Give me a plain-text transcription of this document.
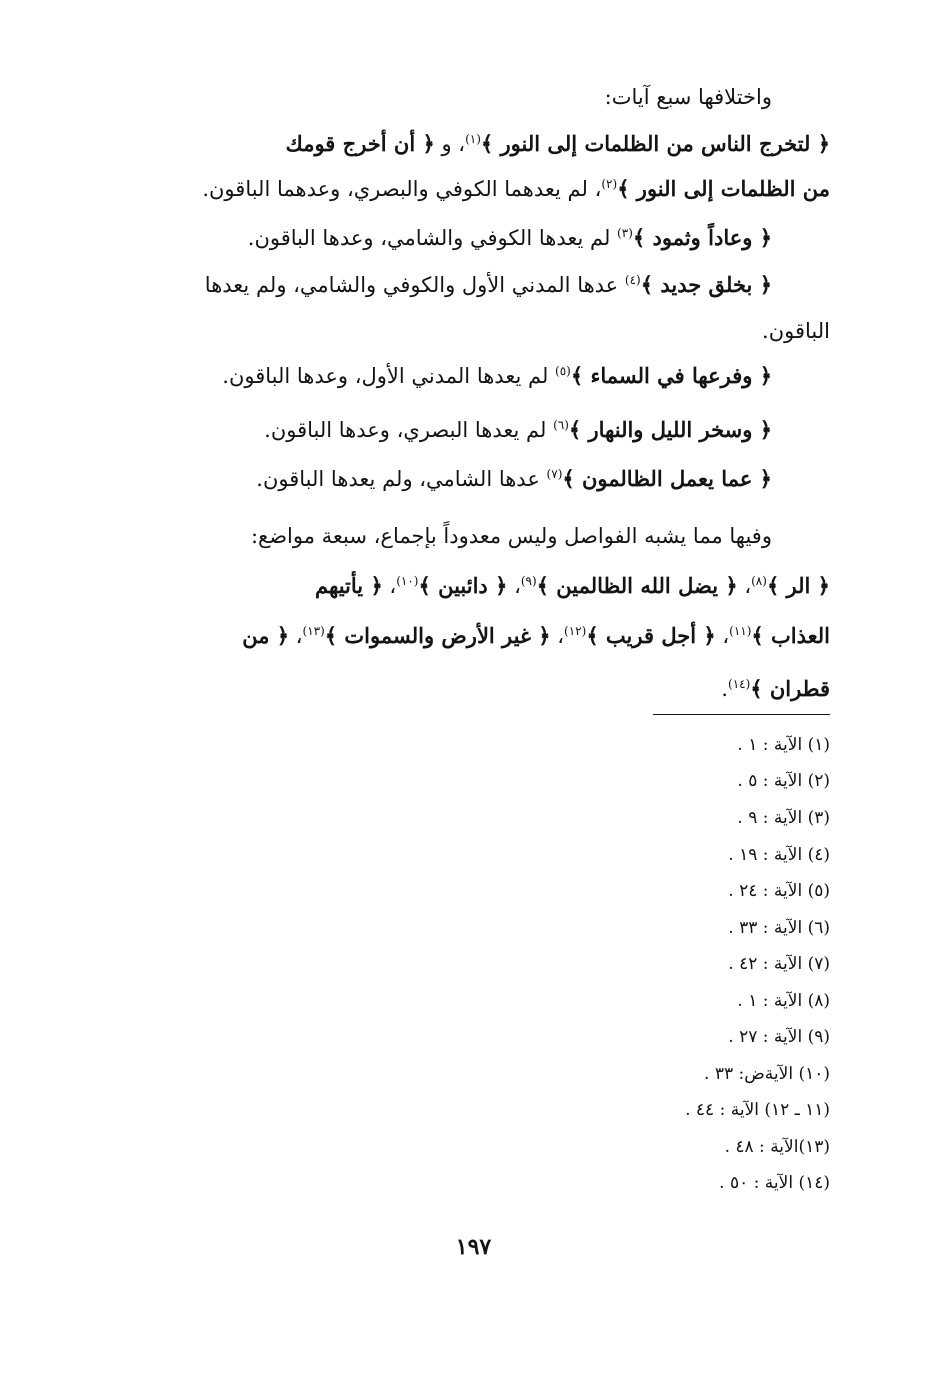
واختلافها سبع آيات:
﴿ لتخرج الناس من الظلمات إلى النور ﴾$^{(١)}$، و ﴿ أن أخرج قومك
من الظلمات إلى النور ﴾$^{(٢)}$، لم يعدهما الكوفي والبصري، وعدهما الباقون.
﴿ وعاداً وثمود ﴾$^{(٣)}$ لم يعدها الكوفي والشامي، وعدها الباقون.
﴿ بخلق جديد ﴾$^{(٤)}$ عدها المدني الأول والكوفي والشامي، ولم يعدها
الباقون.
﴿ وفرعها في السماء ﴾$^{(٥)}$ لم يعدها المدني الأول، وعدها الباقون.
﴿ وسخر الليل والنهار ﴾$^{(٦)}$ لم يعدها البصري، وعدها الباقون.
﴿ عما يعمل الظالمون ﴾$^{(٧)}$ عدها الشامي، ولم يعدها الباقون.
وفيها مما يشبه الفواصل وليس معدوداً بإجماع، سبعة مواضع:
﴿ الر ﴾$^{(٨)}$، ﴿ يضل الله الظالمين ﴾$^{(٩)}$، ﴿ دائبين ﴾$^{(١٠)}$، ﴿ يأتيهم
العذاب ﴾$^{(١١)}$، ﴿ أجل قريب ﴾$^{(١٢)}$، ﴿ غير الأرض والسموات ﴾$^{(١٣)}$، ﴿ من
قطران ﴾$^{(١٤)}$.
(١) الآية : ١ .
(٢) الآية : ٥ .
(٣) الآية : ٩ .
(٤) الآية : ١٩ .
(٥) الآية : ٢٤ .
(٦) الآية : ٣٣ .
(٧) الآية : ٤٢ .
(٨) الآية : ١ .
(٩) الآية : ٢٧ .
(١٠) الآيةض: ٣٣ .
(١١ ـ ١٢) الآية : ٤٤ .
(١٣)الآية : ٤٨ .
(١٤) الآية : ٥٠ .
١٩٧
